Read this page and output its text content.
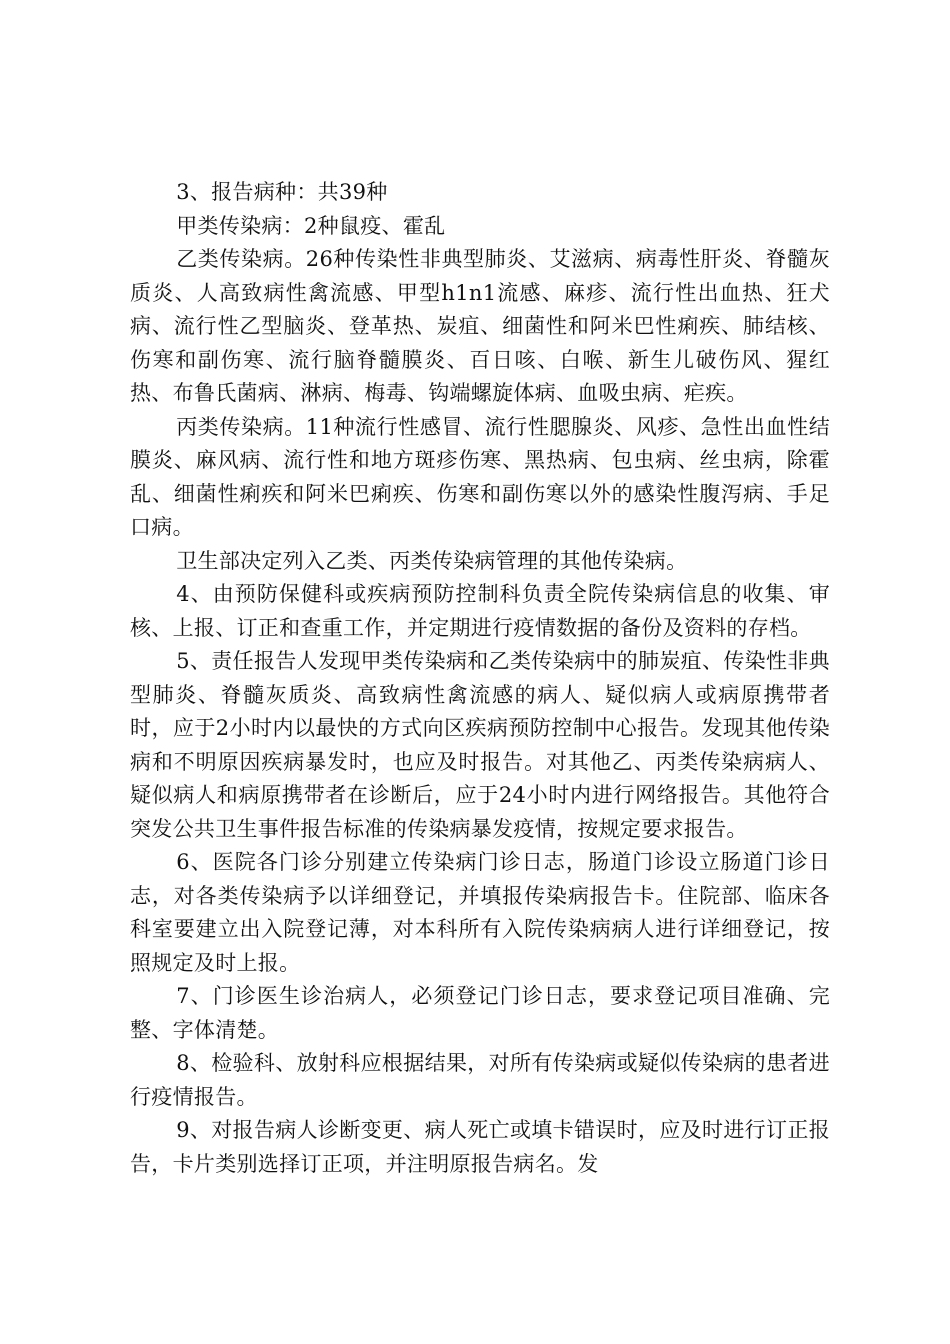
3、报告病种：共39种

甲类传染病：2种鼠疫、霍乱

乙类传染病。26种传染性非典型肺炎、艾滋病、病毒性肝炎、脊髓灰质炎、人高致病性禽流感、甲型h1n1流感、麻疹、流行性出血热、狂犬病、流行性乙型脑炎、登革热、炭疽、细菌性和阿米巴性痢疾、肺结核、伤寒和副伤寒、流行脑脊髓膜炎、百日咳、白喉、新生儿破伤风、猩红热、布鲁氏菌病、淋病、梅毒、钩端螺旋体病、血吸虫病、疟疾。

丙类传染病。11种流行性感冒、流行性腮腺炎、风疹、急性出血性结膜炎、麻风病、流行性和地方斑疹伤寒、黑热病、包虫病、丝虫病，除霍乱、细菌性痢疾和阿米巴痢疾、伤寒和副伤寒以外的感染性腹泻病、手足口病。

卫生部决定列入乙类、丙类传染病管理的其他传染病。

4、由预防保健科或疾病预防控制科负责全院传染病信息的收集、审核、上报、订正和查重工作，并定期进行疫情数据的备份及资料的存档。

5、责任报告人发现甲类传染病和乙类传染病中的肺炭疽、传染性非典型肺炎、脊髓灰质炎、高致病性禽流感的病人、疑似病人或病原携带者时，应于2小时内以最快的方式向区疾病预防控制中心报告。发现其他传染病和不明原因疾病暴发时，也应及时报告。对其他乙、丙类传染病病人、疑似病人和病原携带者在诊断后，应于24小时内进行网络报告。其他符合突发公共卫生事件报告标准的传染病暴发疫情，按规定要求报告。

6、医院各门诊分别建立传染病门诊日志，肠道门诊设立肠道门诊日志，对各类传染病予以详细登记，并填报传染病报告卡。住院部、临床各科室要建立出入院登记薄，对本科所有入院传染病病人进行详细登记，按照规定及时上报。

7、门诊医生诊治病人，必须登记门诊日志，要求登记项目准确、完整、字体清楚。

8、检验科、放射科应根据结果，对所有传染病或疑似传染病的患者进行疫情报告。

9、对报告病人诊断变更、病人死亡或填卡错误时，应及时进行订正报告，卡片类别选择订正项，并注明原报告病名。发
